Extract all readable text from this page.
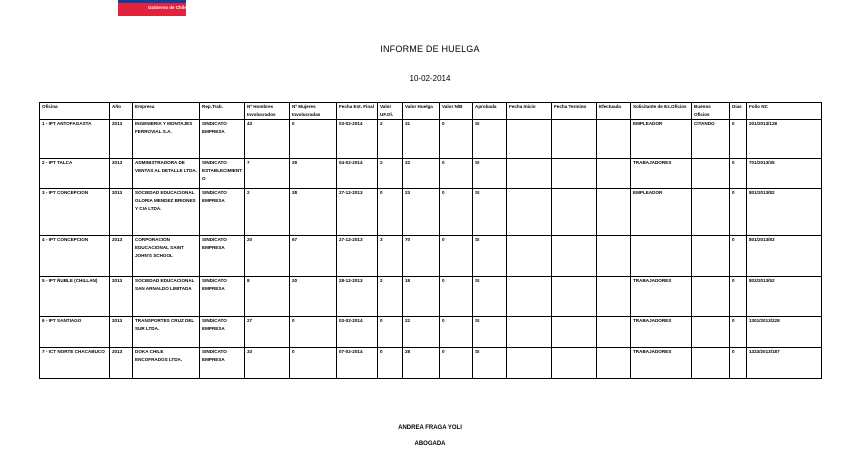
Gobierno de Chile
INFORME DE HUELGA
10-02-2014
Oficina	Año	Empresa	Rep.Trab.	Nº Hombres Involucrados	Nº Mujeres Involucradas	Fecha Est. Final	Valor UF.Ol.	Valor Huelga	Valor N/B	Aprobada	Fecha Inicio	Fecha Termino	Efectuada	Solicitante de Ex.Oficios	Buenos Oficios	Dias	Folio NC
1 - IPT ANTOFAGASTA	2013	INGENIERIA Y MONTAJES FERROVIAL S.A.	SINDICATO EMPRESA	43	0	03-02-2014	2	31	0	SI				EMPLEADOR	CITANDO	0	201/2013/128
2 - IPT TALCA	2013	ADMINISTRADORA DE VENTAS AL DETALLE LTDA.	SINDICATO ESTABLECIMIENTO	7	29	04-02-2014	2	32	0	SI				TRABAJADORES		0	701/2013/35
3 - IPT CONCEPCION	2013	SOCIEDAD EDUCACIONAL GLORIA MENDEZ BRIONES Y CIA LTDA.	SINDICATO EMPRESA	2	28	27-12-2013	0	23	0	SI				EMPLEADOR		0	801/2013/82
4 - IPT CONCEPCION	2013	CORPORACION EDUCACIONAL SAINT JOHN'S SCHOOL	SINDICATO EMPRESA	20	67	27-12-2013	3	70	0	SI						0	801/2013/83
5 - IPT ÑUBLE (CHILLAN)	2013	SOCIEDAD EDUCACIONAL SAN ARNALDO LIMITADA	SINDICATO EMPRESA	8	20	28-12-2013	2	18	0	SI				TRABAJADORES		0	802/2013/52
6 - IPT SANTIAGO	2013	TRANSPORTES CRUZ DEL SUR LTDA.	SINDICATO EMPRESA	27	0	03-02-2014	0	22	0	SI				TRABAJADORES		0	1301/2013/228
7 - ICT NORTE CHACABUCO	2013	DOKA CHILE ENCOFRADOS LTDA.	SINDICATO EMPRESA	33	0	07-02-2014	0	28	0	SI				TRABAJADORES		0	1323/2013/187
ANDREA FRAGA YOLI
ABOGADA
